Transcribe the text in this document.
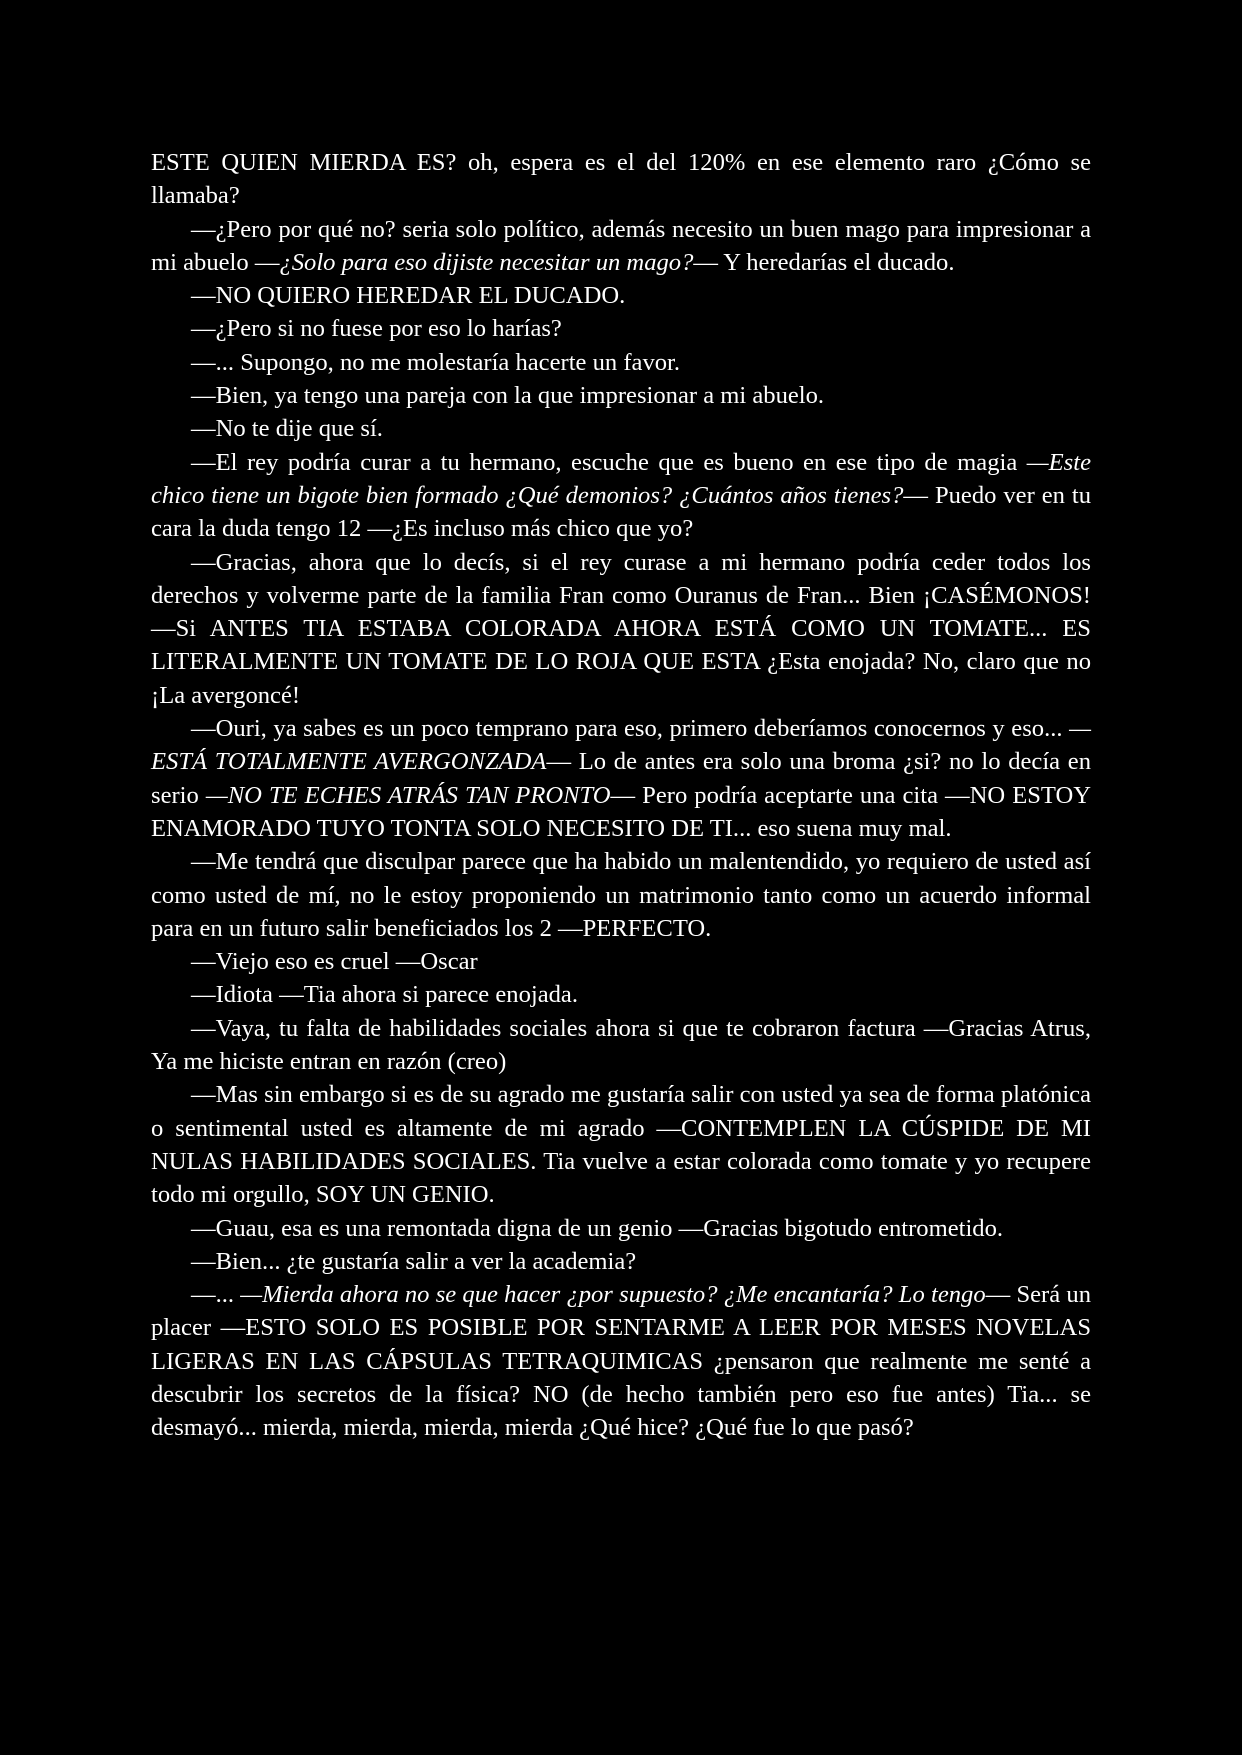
ESTE QUIEN MIERDA ES? oh, espera es el del 120% en ese elemento raro ¿Cómo se llamaba?

—¿Pero por qué no? seria solo político, además necesito un buen mago para impresionar a mi abuelo —¿Solo para eso dijiste necesitar un mago?— Y heredarías el ducado.

—NO QUIERO HEREDAR EL DUCADO.

—¿Pero si no fuese por eso lo harías?

—... Supongo, no me molestaría hacerte un favor.

—Bien, ya tengo una pareja con la que impresionar a mi abuelo.

—No te dije que sí.

—El rey podría curar a tu hermano, escuche que es bueno en ese tipo de magia —Este chico tiene un bigote bien formado ¿Qué demonios? ¿Cuántos años tienes?— Puedo ver en tu cara la duda tengo 12 —¿Es incluso más chico que yo?

—Gracias, ahora que lo decís, si el rey curase a mi hermano podría ceder todos los derechos y volverme parte de la familia Fran como Ouranus de Fran... Bien ¡CASÉMONOS! —Si ANTES TIA ESTABA COLORADA AHORA ESTÁ COMO UN TOMATE... ES LITERALMENTE UN TOMATE DE LO ROJA QUE ESTA ¿Esta enojada? No, claro que no ¡La avergoncé!

—Ouri, ya sabes es un poco temprano para eso, primero deberíamos conocernos y eso... —ESTÁ TOTALMENTE AVERGONZADA— Lo de antes era solo una broma ¿si? no lo decía en serio —NO TE ECHES ATRÁS TAN PRONTO— Pero podría aceptarte una cita —NO ESTOY ENAMORADO TUYO TONTA SOLO NECESITO DE TI... eso suena muy mal.

—Me tendrá que disculpar parece que ha habido un malentendido, yo requiero de usted así como usted de mí, no le estoy proponiendo un matrimonio tanto como un acuerdo informal para en un futuro salir beneficiados los 2 —PERFECTO.

—Viejo eso es cruel —Oscar

—Idiota —Tia ahora si parece enojada.

—Vaya, tu falta de habilidades sociales ahora si que te cobraron factura —Gracias Atrus, Ya me hiciste entran en razón (creo)

—Mas sin embargo si es de su agrado me gustaría salir con usted ya sea de forma platónica o sentimental usted es altamente de mi agrado —CONTEMPLEN LA CÚSPIDE DE MI NULAS HABILIDADES SOCIALES. Tia vuelve a estar colorada como tomate y yo recupere todo mi orgullo, SOY UN GENIO.

—Guau, esa es una remontada digna de un genio —Gracias bigotudo entrometido.

—Bien... ¿te gustaría salir a ver la academia?

—... —Mierda ahora no se que hacer ¿por supuesto? ¿Me encantaría? Lo tengo— Será un placer —ESTO SOLO ES POSIBLE POR SENTARME A LEER POR MESES NOVELAS LIGERAS EN LAS CÁPSULAS TETRAQUIMICAS ¿pensaron que realmente me senté a descubrir los secretos de la física? NO (de hecho también pero eso fue antes) Tia... se desmayó... mierda, mierda, mierda, mierda ¿Qué hice? ¿Qué fue lo que pasó?
